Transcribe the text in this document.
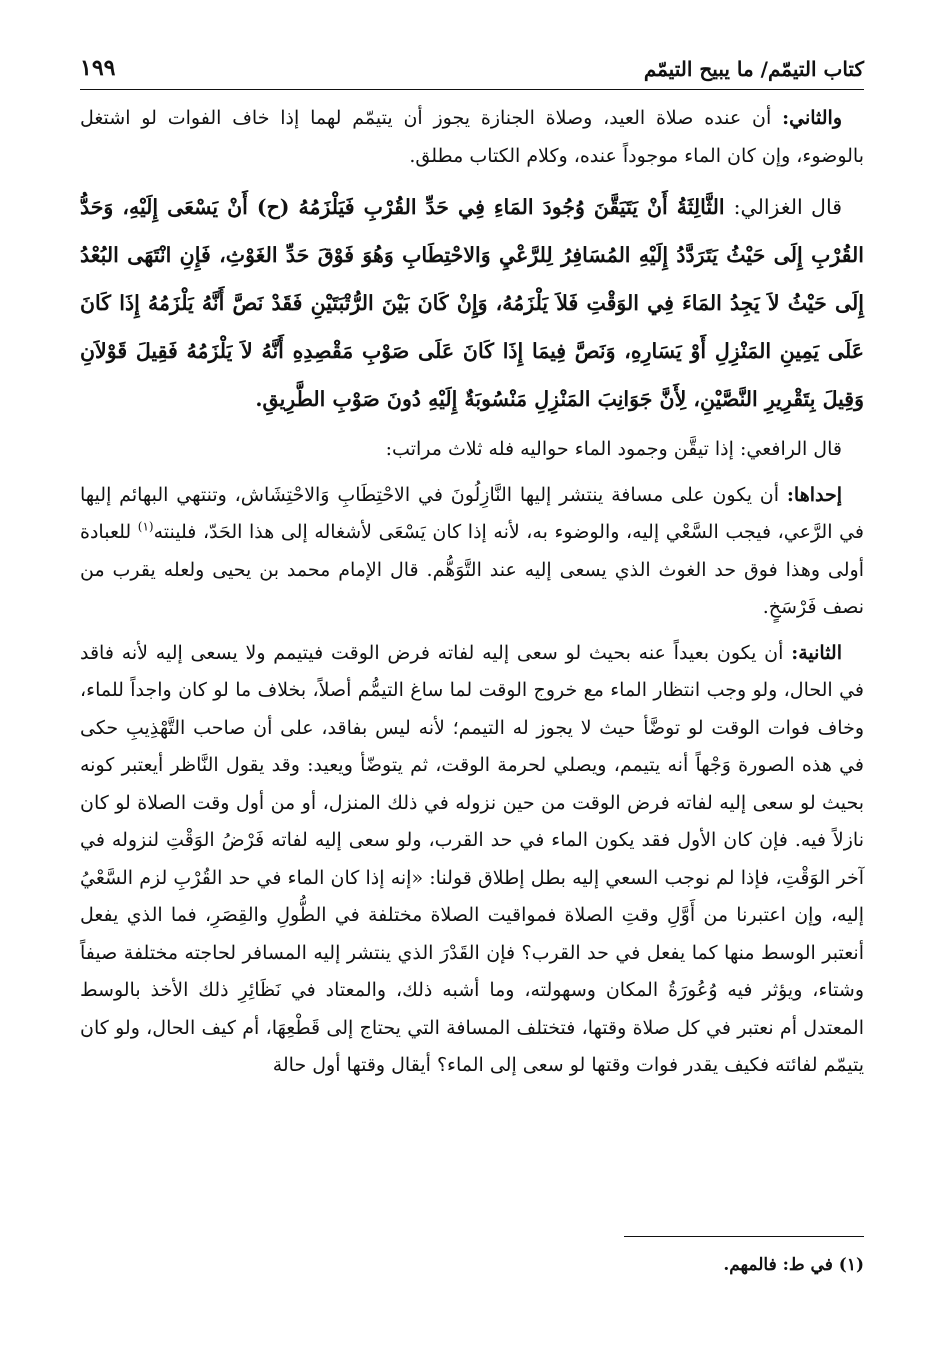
كتاب التيمّم/ ما يبيح التيمّم
١٩٩

والثاني: أن عنده صلاة العيد، وصلاة الجنازة يجوز أن يتيمّم لهما إذا خاف الفوات لو اشتغل بالوضوء، وإن كان الماء موجوداً عنده، وكلام الكتاب مطلق.

قال الغزالي: الثَّالِثَةُ أَنْ يَتَيَقَّنَ وُجُودَ المَاءِ فِي حَدِّ القُرْبِ فَيَلْزَمُهُ (ح) أَنْ يَسْعَى إِلَيْهِ، وَحَدُّ القُرْبِ إِلَى حَيْثُ يَتَرَدَّدُ إِلَيْهِ المُسَافِرُ لِلرَّعْيِ وَالاحْتِطَابِ وَهُوَ فَوْقَ حَدِّ الغَوْثِ، فَإِنِ انْتَهَى البُعْدُ إِلَى حَيْثُ لاَ يَجِدُ المَاءَ فِي الوَقْتِ فَلاَ يَلْزَمُهُ، وَإِنْ كَانَ بَيْنَ الرُّتْبَتَيْنِ فَقَدْ نَصَّ أَنَّهُ يَلْزَمُهُ إِذَا كَانَ عَلَى يَمِينِ المَنْزِلِ أَوْ يَسَارِهِ، وَنَصَّ فِيمَا إِذَا كَانَ عَلَى صَوْبِ مَقْصِدِهِ أَنَّهُ لاَ يَلْزَمُهُ فَقِيلَ قَوْلاَنِ وَقِيلَ بِتَقْرِيرِ النَّصَّيْنِ، لِأَنَّ جَوَانِبَ المَنْزِلِ مَنْسُوبَةٌ إِلَيْهِ دُونَ صَوْبِ الطَّرِيقِ.

قال الرافعي: إذا تيقَّن وجمود الماء حواليه فله ثلاث مراتب:

إحداها: أن يكون على مسافة ينتشر إليها النَّازِلُونَ في الاحْتِطَابِ وَالاحْتِشَاش، وتنتهي البهائم إليها في الرَّعي، فيجب السَّعْي إليه، والوضوء به، لأنه إذا كان يَسْعَى لأشغاله إلى هذا الحَدّ، فلينته$^{(١)}$ للعبادة أولى وهذا فوق حد الغوث الذي يسعى إليه عند التَّوَهُّم. قال الإمام محمد بن يحيى ولعله يقرب من نصف فَرْسَخٍ.

الثانية: أن يكون بعيداً عنه بحيث لو سعى إليه لفاته فرض الوقت فيتيمم ولا يسعى إليه لأنه فاقد في الحال، ولو وجب انتظار الماء مع خروج الوقت لما ساغ التيمُّم أصلاً، بخلاف ما لو كان واجداً للماء، وخاف فوات الوقت لو توضَّأ حيث لا يجوز له التيمم؛ لأنه ليس بفاقد، على أن صاحب التَّهْذِيبِ حكى في هذه الصورة وَجْهاً أنه يتيمم، ويصلي لحرمة الوقت، ثم يتوضّأ ويعيد: وقد يقول النَّاظر أيعتبر كونه بحيث لو سعى إليه لفاته فرض الوقت من حين نزوله في ذلك المنزل، أو من أول وقت الصلاة لو كان نازلاً فيه. فإن كان الأول فقد يكون الماء في حد القرب، ولو سعى إليه لفاته فَرْضُ الوَقْتِ لنزوله في آخر الوَقْتِ، فإذا لم نوجب السعي إليه بطل إطلاق قولنا: «إنه إذا كان الماء في حد القُرْبِ لزم السَّعْيُ إليه، وإن اعتبرنا من أَوَّلِ وقتِ الصلاة فمواقيت الصلاة مختلفة في الطُّولِ والقِصَرِ، فما الذي يفعل أنعتبر الوسط منها كما يفعل في حد القرب؟ فإن القَدْرَ الذي ينتشر إليه المسافر لحاجته مختلفة صيفاً وشتاء، ويؤثر فيه وُعُورَةُ المكان وسهولته، وما أشبه ذلك، والمعتاد في نَظَائِرِ ذلك الأخذ بالوسط المعتدل أم نعتبر في كل صلاة وقتها، فتختلف المسافة التي يحتاج إلى قَطْعِهَا، أم كيف الحال، ولو كان يتيمّم لفائته فكيف يقدر فوات وقتها لو سعى إلى الماء؟ أيقال وقتها أول حالة

(١) في ط: فالمهم.
